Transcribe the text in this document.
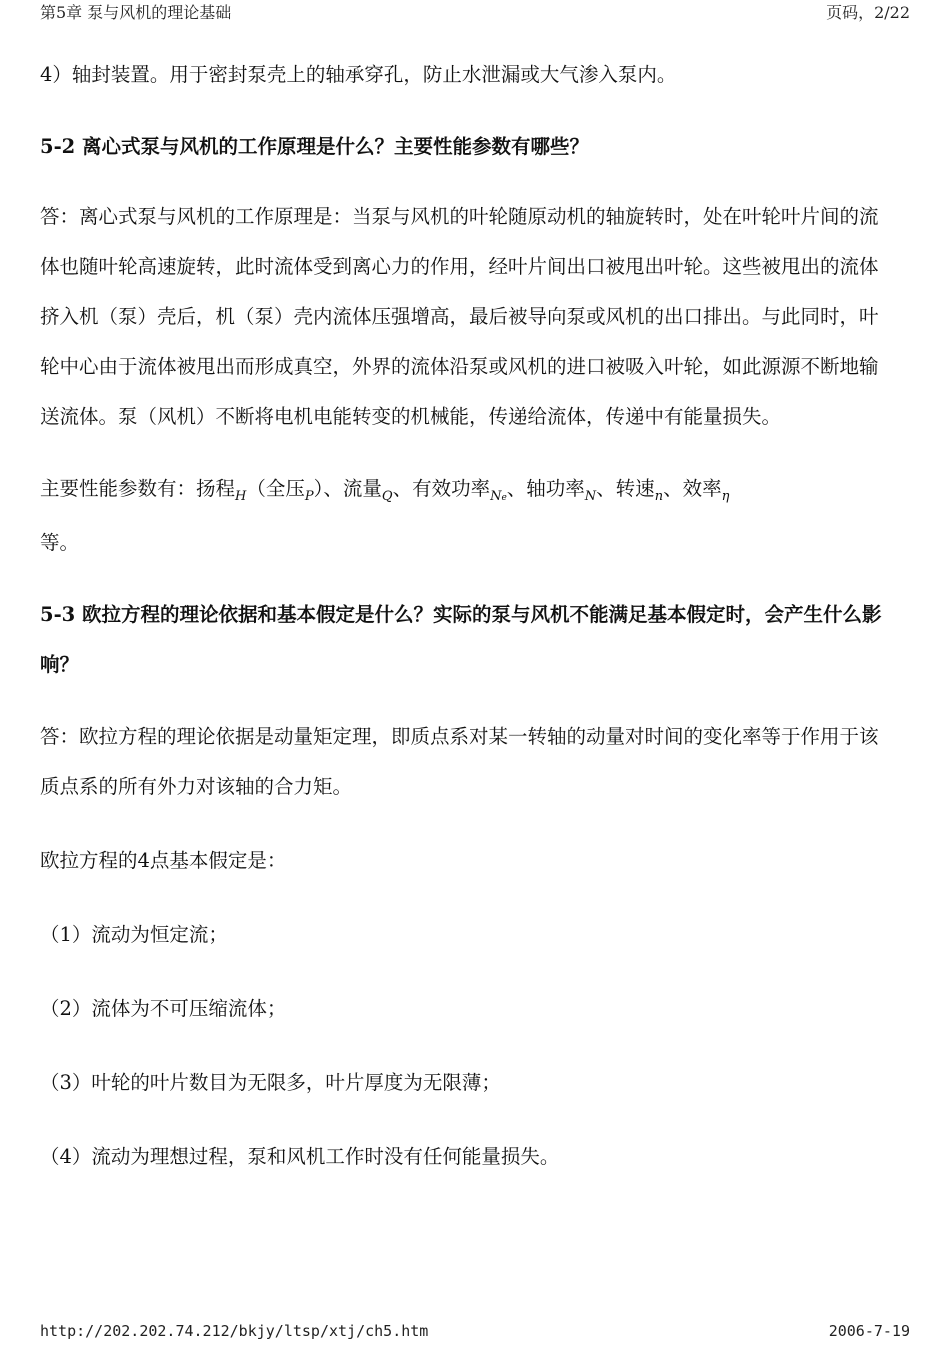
第5章 泵与风机的理论基础	页码，2/22

4）轴封装置。用于密封泵壳上的轴承穿孔，防止水泄漏或大气渗入泵内。

5-2 离心式泵与风机的工作原理是什么？主要性能参数有哪些？

答：离心式泵与风机的工作原理是：当泵与风机的叶轮随原动机的轴旋转时，处在叶轮叶片间的流体也随叶轮高速旋转，此时流体受到离心力的作用，经叶片间出口被甩出叶轮。这些被甩出的流体挤入机（泵）壳后，机（泵）壳内流体压强增高，最后被导向泵或风机的出口排出。与此同时，叶轮中心由于流体被甩出而形成真空，外界的流体沿泵或风机的进口被吸入叶轮，如此源源不断地输送流体。泵（风机）不断将电机电能转变的机械能，传递给流体，传递中有能量损失。

主要性能参数有：扬程$_H$（全压$_P$）、流量$_Q$、有效功率$_{Ne}$、轴功率$_N$、转速$_n$、效率$_\eta$
等。

5-3 欧拉方程的理论依据和基本假定是什么？实际的泵与风机不能满足基本假定时，会产生什么影响？

答：欧拉方程的理论依据是动量矩定理，即质点系对某一转轴的动量对时间的变化率等于作用于该质点系的所有外力对该轴的合力矩。

欧拉方程的4点基本假定是：

（1）流动为恒定流；

（2）流体为不可压缩流体；

（3）叶轮的叶片数目为无限多，叶片厚度为无限薄；

（4）流动为理想过程，泵和风机工作时没有任何能量损失。

http://202.202.74.212/bkjy/ltsp/xtj/ch5.htm	2006-7-19
